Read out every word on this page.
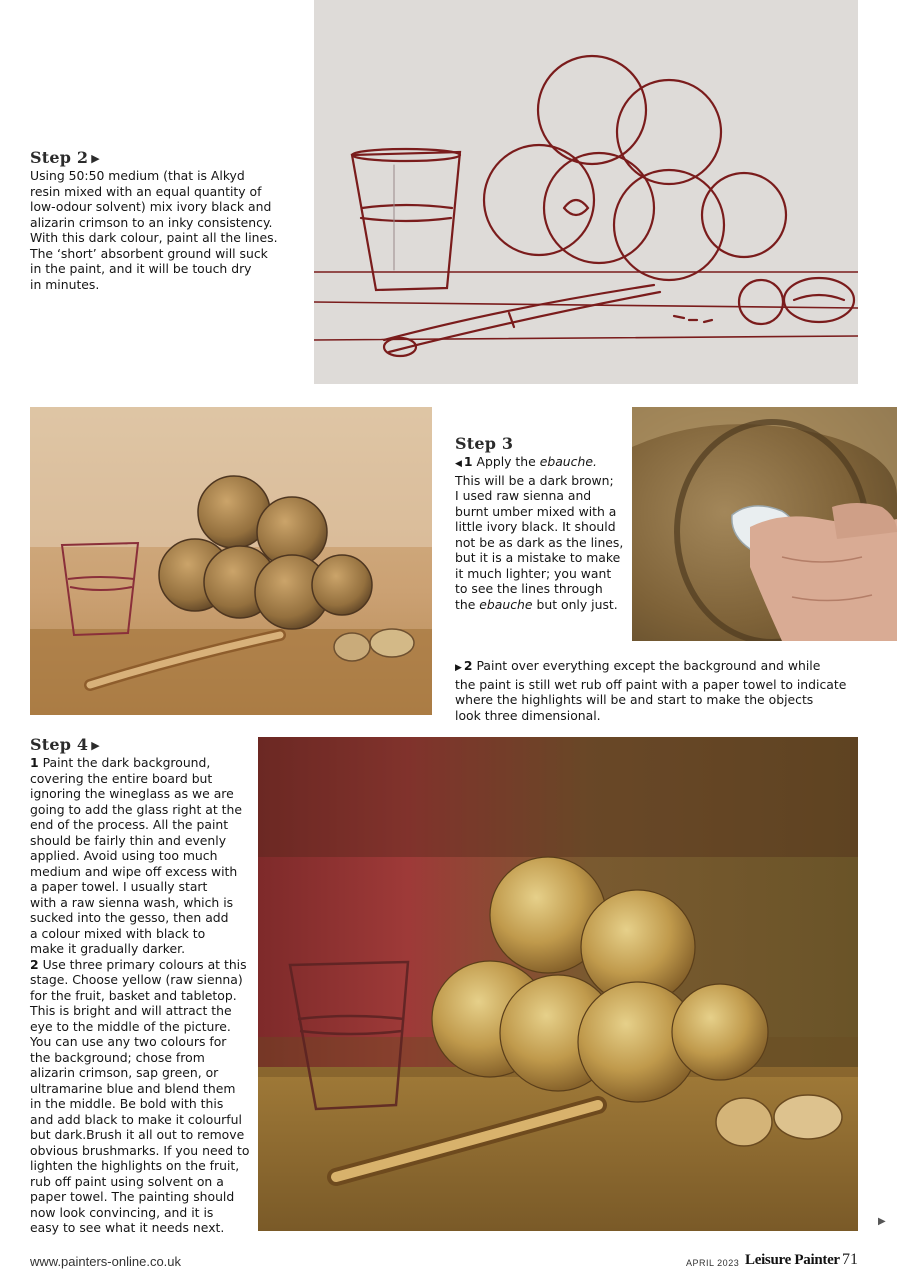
Step 2 ▶

Using 50:50 medium (that is Alkyd

resin mixed with an equal quantity of

low-odour solvent) mix ivory black and

alizarin crimson to an inky consistency.

With this dark colour, paint all the lines.

The ‘short’ absorbent ground will suck

in the paint, and it will be touch dry

in minutes.

Step 3

◀ 1 Apply the ebauche.

This will be a dark brown;

I used raw sienna and

burnt umber mixed with a

little ivory black. It should

not be as dark as the lines,

but it is a mistake to make

it much lighter; you want

to see the lines through

the ebauche but only just.

▶ 2 Paint over everything except the background and while

the paint is still wet rub off paint with a paper towel to indicate

where the highlights will be and start to make the objects

look three dimensional.

Step 4 ▶

1 Paint the dark background,

covering the entire board but

ignoring the wineglass as we are

going to add the glass right at the

end of the process. All the paint

should be fairly thin and evenly

applied. Avoid using too much

medium and wipe off excess with

a paper towel. I usually start

with a raw sienna wash, which is

sucked into the gesso, then add

a colour mixed with black to

make it gradually darker.

2 Use three primary colours at this

stage. Choose yellow (raw sienna)

for the fruit, basket and tabletop.

This is bright and will attract the

eye to the middle of the picture.

You can use any two colours for

the background; chose from

alizarin crimson, sap green, or

ultramarine blue and blend them

in the middle. Be bold with this

and add black to make it colourful

but dark.Brush it all out to remove

obvious brushmarks. If you need to

lighten the highlights on the fruit,

rub off paint using solvent on a

paper towel. The painting should

now look convincing, and it is

easy to see what it needs next.

www.painters-online.co.uk	APRIL 2023 Leisure Painter 71
▶
